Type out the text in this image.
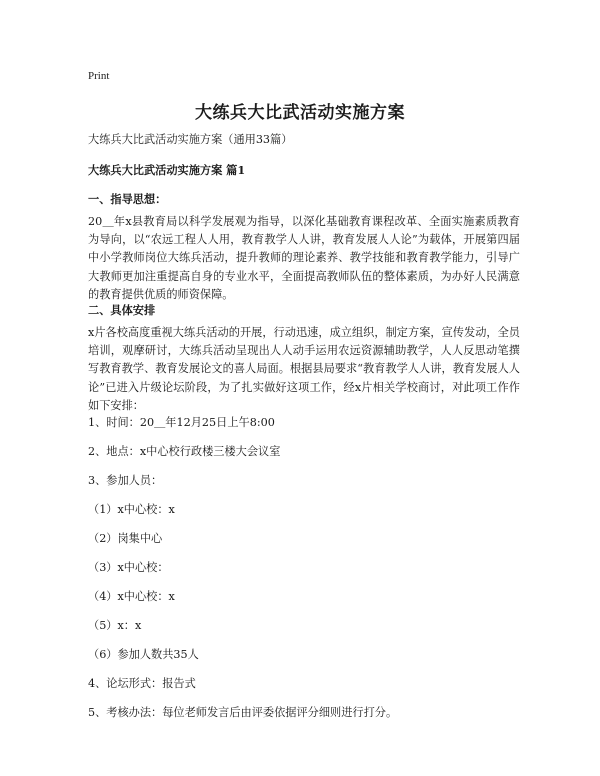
Print
大练兵大比武活动实施方案
大练兵大比武活动实施方案（通用33篇）
大练兵大比武活动实施方案 篇1
一、指导思想：
20＿年x县教育局以科学发展观为指导，以深化基础教育课程改革、全面实施素质教育为导向，以“农远工程人人用，教育教学人人讲，教育发展人人论”为载体，开展第四届中小学教师岗位大练兵活动，提升教师的理论素养、教学技能和教育教学能力，引导广大教师更加注重提高自身的专业水平，全面提高教师队伍的整体素质，为办好人民满意的教育提供优质的师资保障。
二、具体安排
x片各校高度重视大练兵活动的开展，行动迅速，成立组织，制定方案，宣传发动，全员培训，观摩研讨，大练兵活动呈现出人人动手运用农远资源辅助教学，人人反思动笔撰写教育教学、教育发展论文的喜人局面。根据县局要求“教育教学人人讲，教育发展人人论”已进入片级论坛阶段，为了扎实做好这项工作，经x片相关学校商讨，对此项工作作如下安排：
1、时间：20＿年12月25日上午8:00
2、地点：x中心校行政楼三楼大会议室
3、参加人员：
（1）x中心校：x
（2）岗集中心
（3）x中心校：
（4）x中心校：x
（5）x：x
（6）参加人数共35人
4、论坛形式：报告式
5、考核办法：每位老师发言后由评委依据评分细则进行打分。
